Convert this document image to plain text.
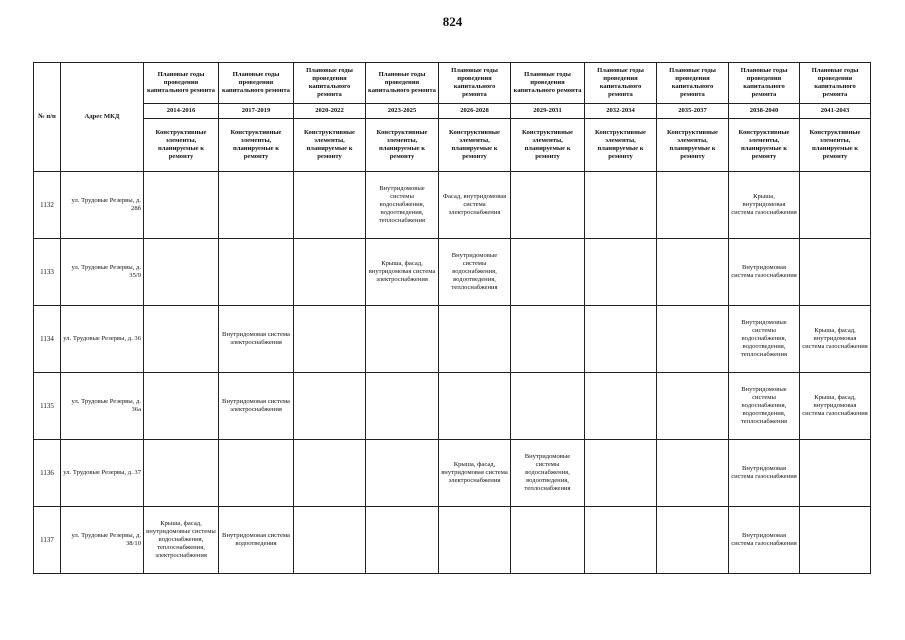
824
№ п/п	Адрес МКД	Плановые годы проведения капитального ремонта	Плановые годы проведения капитального ремонта	Плановые годы проведения капитального ремонта	Плановые годы проведения капитального ремонта	Плановые годы проведения капитального ремонта	Плановые годы проведения капитального ремонта	Плановые годы проведения капитального ремонта	Плановые годы проведения капитального ремонта	Плановые годы проведения капитального ремонта	Плановые годы проведения капитального ремонта
		2014-2016	2017-2019	2020-2022	2023-2025	2026-2028	2029-2031	2032-2034	2035-2037	2038-2040	2041-2043
		Конструктивные элементы, планируемые к ремонту	Конструктивные элементы, планируемые к ремонту	Конструктивные элементы, планируемые к ремонту	Конструктивные элементы, планируемые к ремонту	Конструктивные элементы, планируемые к ремонту	Конструктивные элементы, планируемые к ремонту	Конструктивные элементы, планируемые к ремонту	Конструктивные элементы, планируемые к ремонту	Конструктивные элементы, планируемые к ремонту	Конструктивные элементы, планируемые к ремонту
1132	ул. Трудовые Резервы, д. 28б				Внутридомовые системы водоснабжения, водоотведения, теплоснабжения	Фасад, внутридомовая система электроснабжения				Крыша, внутридомовая система газоснабжения	
1133	ул. Трудовые Резервы, д. 35/9				Крыша, фасад, внутридомовая система электроснабжения	Внутридомовые системы водоснабжения, водоотведения, теплоснабжения				Внутридомовая система газоснабжения	
1134	ул. Трудовые Резервы, д. 36		Внутридомовая система электроснабжения							Внутридомовые системы водоснабжения, водоотведения, теплоснабжения	Крыша, фасад, внутридомовая система газоснабжения
1135	ул. Трудовые Резервы, д. 36а		Внутридомовая система электроснабжения							Внутридомовые системы водоснабжения, водоотведения, теплоснабжения	Крыша, фасад, внутридомовая система газоснабжения
1136	ул. Трудовые Резервы, д. 37					Крыша, фасад, внутридомовая система электроснабжения	Внутридомовые системы водоснабжения, водоотведения, теплоснабжения			Внутридомовая система газоснабжения	
1137	ул. Трудовые Резервы, д. 38/10	Крыша, фасад, внутридомовые системы водоснабжения, теплоснабжения, электроснабжения	Внутридомовая система водоотведения							Внутридомовая система газоснабжения	
